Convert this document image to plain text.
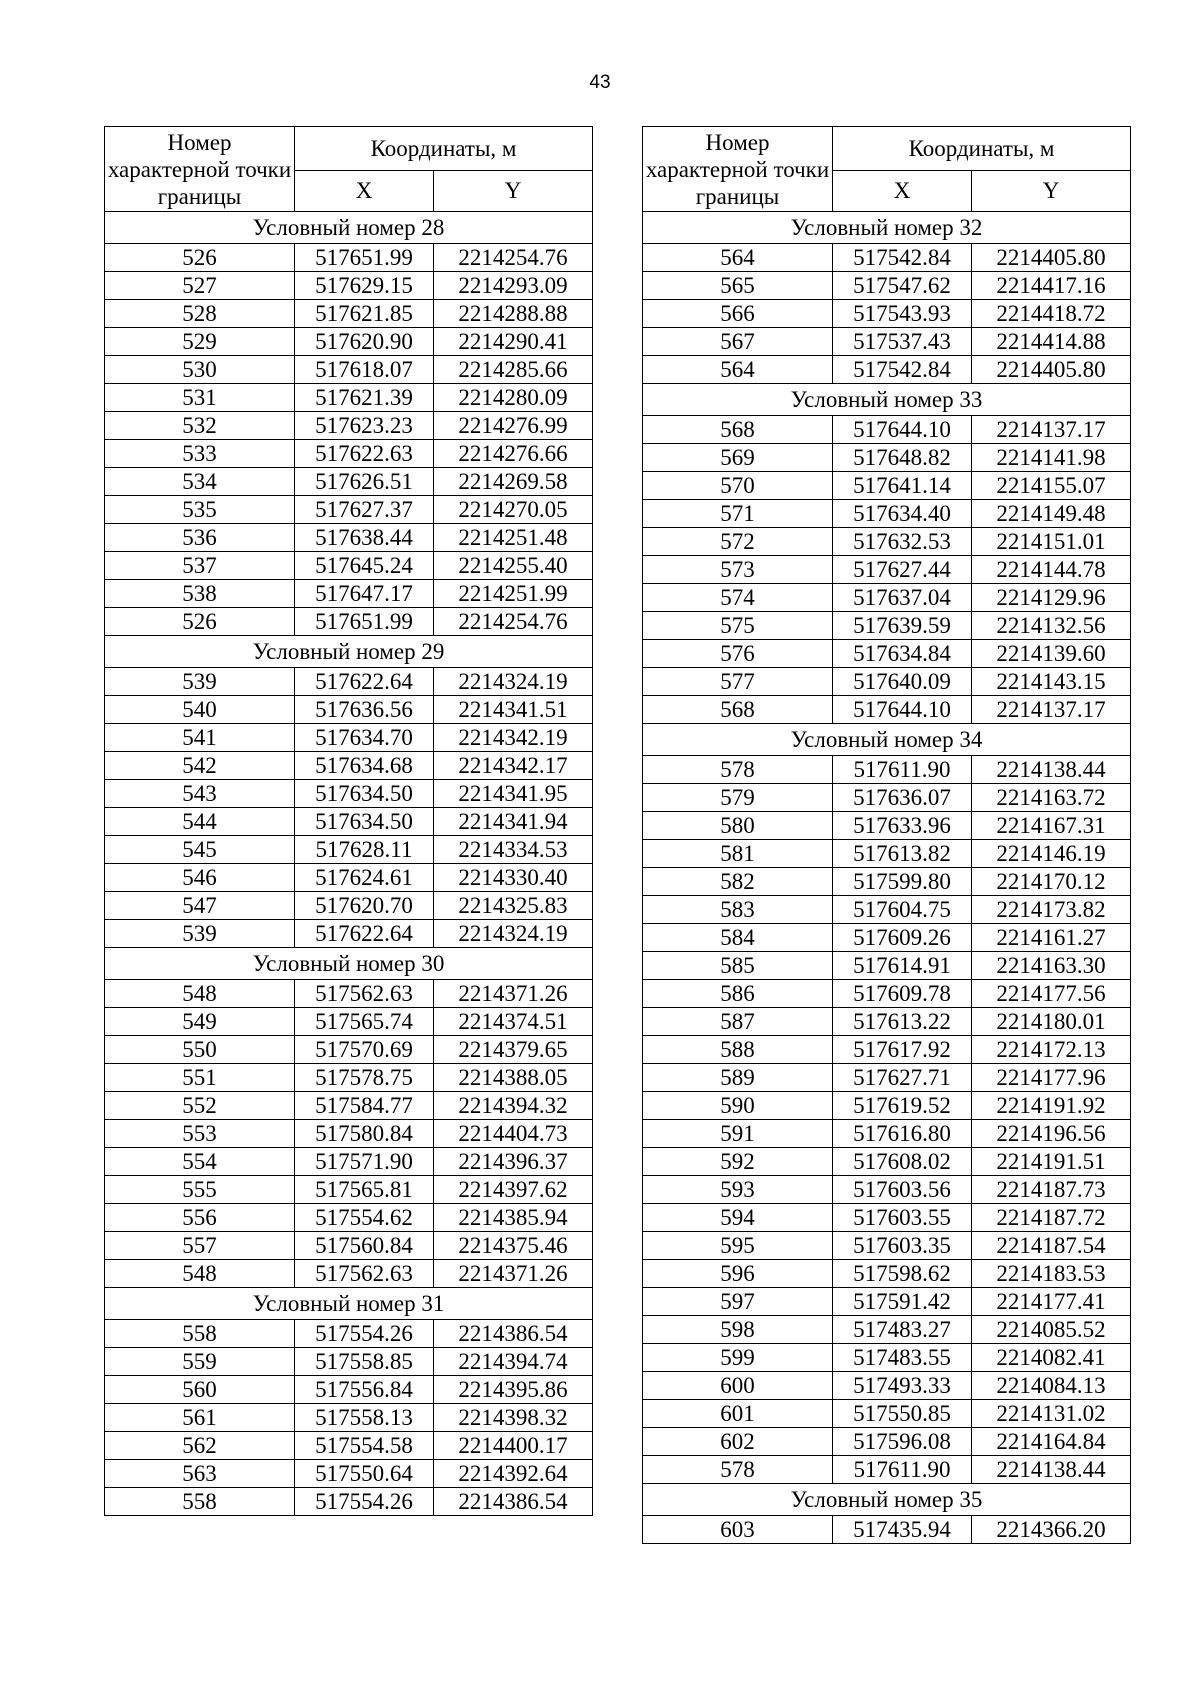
43
Номер характерной точки границы	Координаты, м	
	X	Y
Условный номер 28		
526	517651.99	2214254.76
527	517629.15	2214293.09
528	517621.85	2214288.88
529	517620.90	2214290.41
530	517618.07	2214285.66
531	517621.39	2214280.09
532	517623.23	2214276.99
533	517622.63	2214276.66
534	517626.51	2214269.58
535	517627.37	2214270.05
536	517638.44	2214251.48
537	517645.24	2214255.40
538	517647.17	2214251.99
526	517651.99	2214254.76
Условный номер 29		
539	517622.64	2214324.19
540	517636.56	2214341.51
541	517634.70	2214342.19
542	517634.68	2214342.17
543	517634.50	2214341.95
544	517634.50	2214341.94
545	517628.11	2214334.53
546	517624.61	2214330.40
547	517620.70	2214325.83
539	517622.64	2214324.19
Условный номер 30		
548	517562.63	2214371.26
549	517565.74	2214374.51
550	517570.69	2214379.65
551	517578.75	2214388.05
552	517584.77	2214394.32
553	517580.84	2214404.73
554	517571.90	2214396.37
555	517565.81	2214397.62
556	517554.62	2214385.94
557	517560.84	2214375.46
548	517562.63	2214371.26
Условный номер 31		
558	517554.26	2214386.54
559	517558.85	2214394.74
560	517556.84	2214395.86
561	517558.13	2214398.32
562	517554.58	2214400.17
563	517550.64	2214392.64
558	517554.26	2214386.54
Номер характерной точки границы	Координаты, м	
	X	Y
Условный номер 32		
564	517542.84	2214405.80
565	517547.62	2214417.16
566	517543.93	2214418.72
567	517537.43	2214414.88
564	517542.84	2214405.80
Условный номер 33		
568	517644.10	2214137.17
569	517648.82	2214141.98
570	517641.14	2214155.07
571	517634.40	2214149.48
572	517632.53	2214151.01
573	517627.44	2214144.78
574	517637.04	2214129.96
575	517639.59	2214132.56
576	517634.84	2214139.60
577	517640.09	2214143.15
568	517644.10	2214137.17
Условный номер 34		
578	517611.90	2214138.44
579	517636.07	2214163.72
580	517633.96	2214167.31
581	517613.82	2214146.19
582	517599.80	2214170.12
583	517604.75	2214173.82
584	517609.26	2214161.27
585	517614.91	2214163.30
586	517609.78	2214177.56
587	517613.22	2214180.01
588	517617.92	2214172.13
589	517627.71	2214177.96
590	517619.52	2214191.92
591	517616.80	2214196.56
592	517608.02	2214191.51
593	517603.56	2214187.73
594	517603.55	2214187.72
595	517603.35	2214187.54
596	517598.62	2214183.53
597	517591.42	2214177.41
598	517483.27	2214085.52
599	517483.55	2214082.41
600	517493.33	2214084.13
601	517550.85	2214131.02
602	517596.08	2214164.84
578	517611.90	2214138.44
Условный номер 35		
603	517435.94	2214366.20
